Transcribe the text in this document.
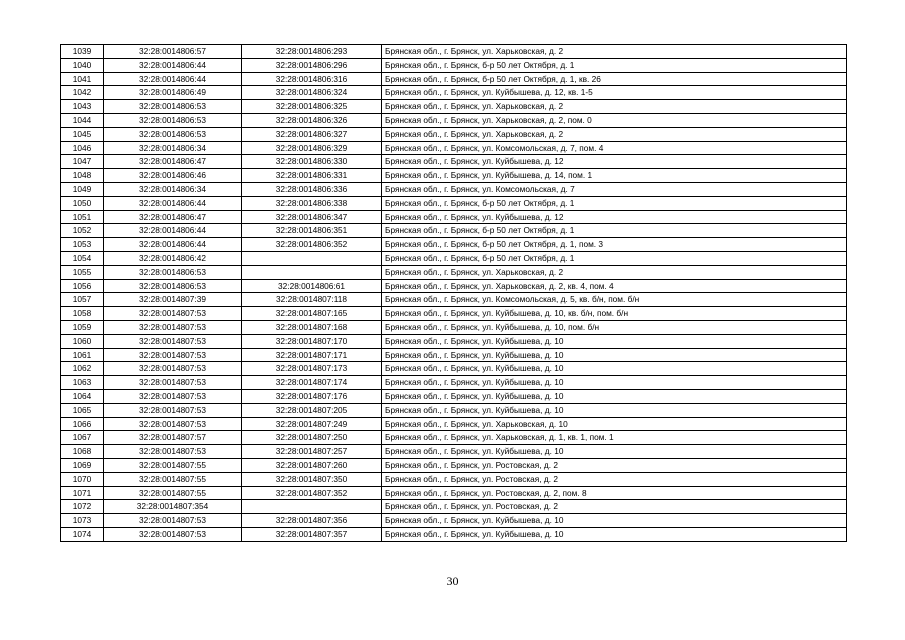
1039	32:28:0014806:57	32:28:0014806:293	Брянская обл., г. Брянск, ул. Харьковская, д. 2
1040	32:28:0014806:44	32:28:0014806:296	Брянская обл., г. Брянск, б-р 50 лет Октября, д. 1
1041	32:28:0014806:44	32:28:0014806:316	Брянская обл., г. Брянск, б-р 50 лет Октября, д. 1, кв. 26
1042	32:28:0014806:49	32:28:0014806:324	Брянская обл., г. Брянск, ул. Куйбышева, д. 12, кв. 1-5
1043	32:28:0014806:53	32:28:0014806:325	Брянская обл., г. Брянск, ул. Харьковская, д. 2
1044	32:28:0014806:53	32:28:0014806:326	Брянская обл., г. Брянск, ул. Харьковская, д. 2, пом. 0
1045	32:28:0014806:53	32:28:0014806:327	Брянская обл., г. Брянск, ул. Харьковская, д. 2
1046	32:28:0014806:34	32:28:0014806:329	Брянская обл., г. Брянск, ул. Комсомольская, д. 7, пом. 4
1047	32:28:0014806:47	32:28:0014806:330	Брянская обл., г. Брянск, ул. Куйбышева, д. 12
1048	32:28:0014806:46	32:28:0014806:331	Брянская обл., г. Брянск, ул. Куйбышева, д. 14, пом. 1
1049	32:28:0014806:34	32:28:0014806:336	Брянская обл., г. Брянск, ул. Комсомольская, д. 7
1050	32:28:0014806:44	32:28:0014806:338	Брянская обл., г. Брянск, б-р 50 лет Октября, д. 1
1051	32:28:0014806:47	32:28:0014806:347	Брянская обл., г. Брянск, ул. Куйбышева, д. 12
1052	32:28:0014806:44	32:28:0014806:351	Брянская обл., г. Брянск, б-р 50 лет Октября, д. 1
1053	32:28:0014806:44	32:28:0014806:352	Брянская обл., г. Брянск, б-р 50 лет Октября, д. 1, пом. 3
1054	32:28:0014806:42		Брянская обл., г. Брянск, б-р 50 лет Октября, д. 1
1055	32:28:0014806:53		Брянская обл., г. Брянск, ул. Харьковская, д. 2
1056	32:28:0014806:53	32:28:0014806:61	Брянская обл., г. Брянск, ул. Харьковская, д. 2, кв. 4, пом. 4
1057	32:28:0014807:39	32:28:0014807:118	Брянская обл., г. Брянск, ул. Комсомольская, д. 5, кв. б/н, пом. б/н
1058	32:28:0014807:53	32:28:0014807:165	Брянская обл., г. Брянск, ул. Куйбышева, д. 10, кв. б/н, пом. б/н
1059	32:28:0014807:53	32:28:0014807:168	Брянская обл., г. Брянск, ул. Куйбышева, д. 10, пом. б/н
1060	32:28:0014807:53	32:28:0014807:170	Брянская обл., г. Брянск, ул. Куйбышева, д. 10
1061	32:28:0014807:53	32:28:0014807:171	Брянская обл., г. Брянск, ул. Куйбышева, д. 10
1062	32:28:0014807:53	32:28:0014807:173	Брянская обл., г. Брянск, ул. Куйбышева, д. 10
1063	32:28:0014807:53	32:28:0014807:174	Брянская обл., г. Брянск, ул. Куйбышева, д. 10
1064	32:28:0014807:53	32:28:0014807:176	Брянская обл., г. Брянск, ул. Куйбышева, д. 10
1065	32:28:0014807:53	32:28:0014807:205	Брянская обл., г. Брянск, ул. Куйбышева, д. 10
1066	32:28:0014807:53	32:28:0014807:249	Брянская обл., г. Брянск, ул. Харьковская, д. 10
1067	32:28:0014807:57	32:28:0014807:250	Брянская обл., г. Брянск, ул. Харьковская, д. 1, кв. 1, пом. 1
1068	32:28:0014807:53	32:28:0014807:257	Брянская обл., г. Брянск, ул. Куйбышева, д. 10
1069	32:28:0014807:55	32:28:0014807:260	Брянская обл., г. Брянск, ул. Ростовская, д. 2
1070	32:28:0014807:55	32:28:0014807:350	Брянская обл., г. Брянск, ул. Ростовская, д. 2
1071	32:28:0014807:55	32:28:0014807:352	Брянская обл., г. Брянск, ул. Ростовская, д. 2, пом. 8
1072	32:28:0014807:354		Брянская обл., г. Брянск, ул. Ростовская, д. 2
1073	32:28:0014807:53	32:28:0014807:356	Брянская обл., г. Брянск, ул. Куйбышева, д. 10
1074	32:28:0014807:53	32:28:0014807:357	Брянская обл., г. Брянск, ул. Куйбышева, д. 10
30
